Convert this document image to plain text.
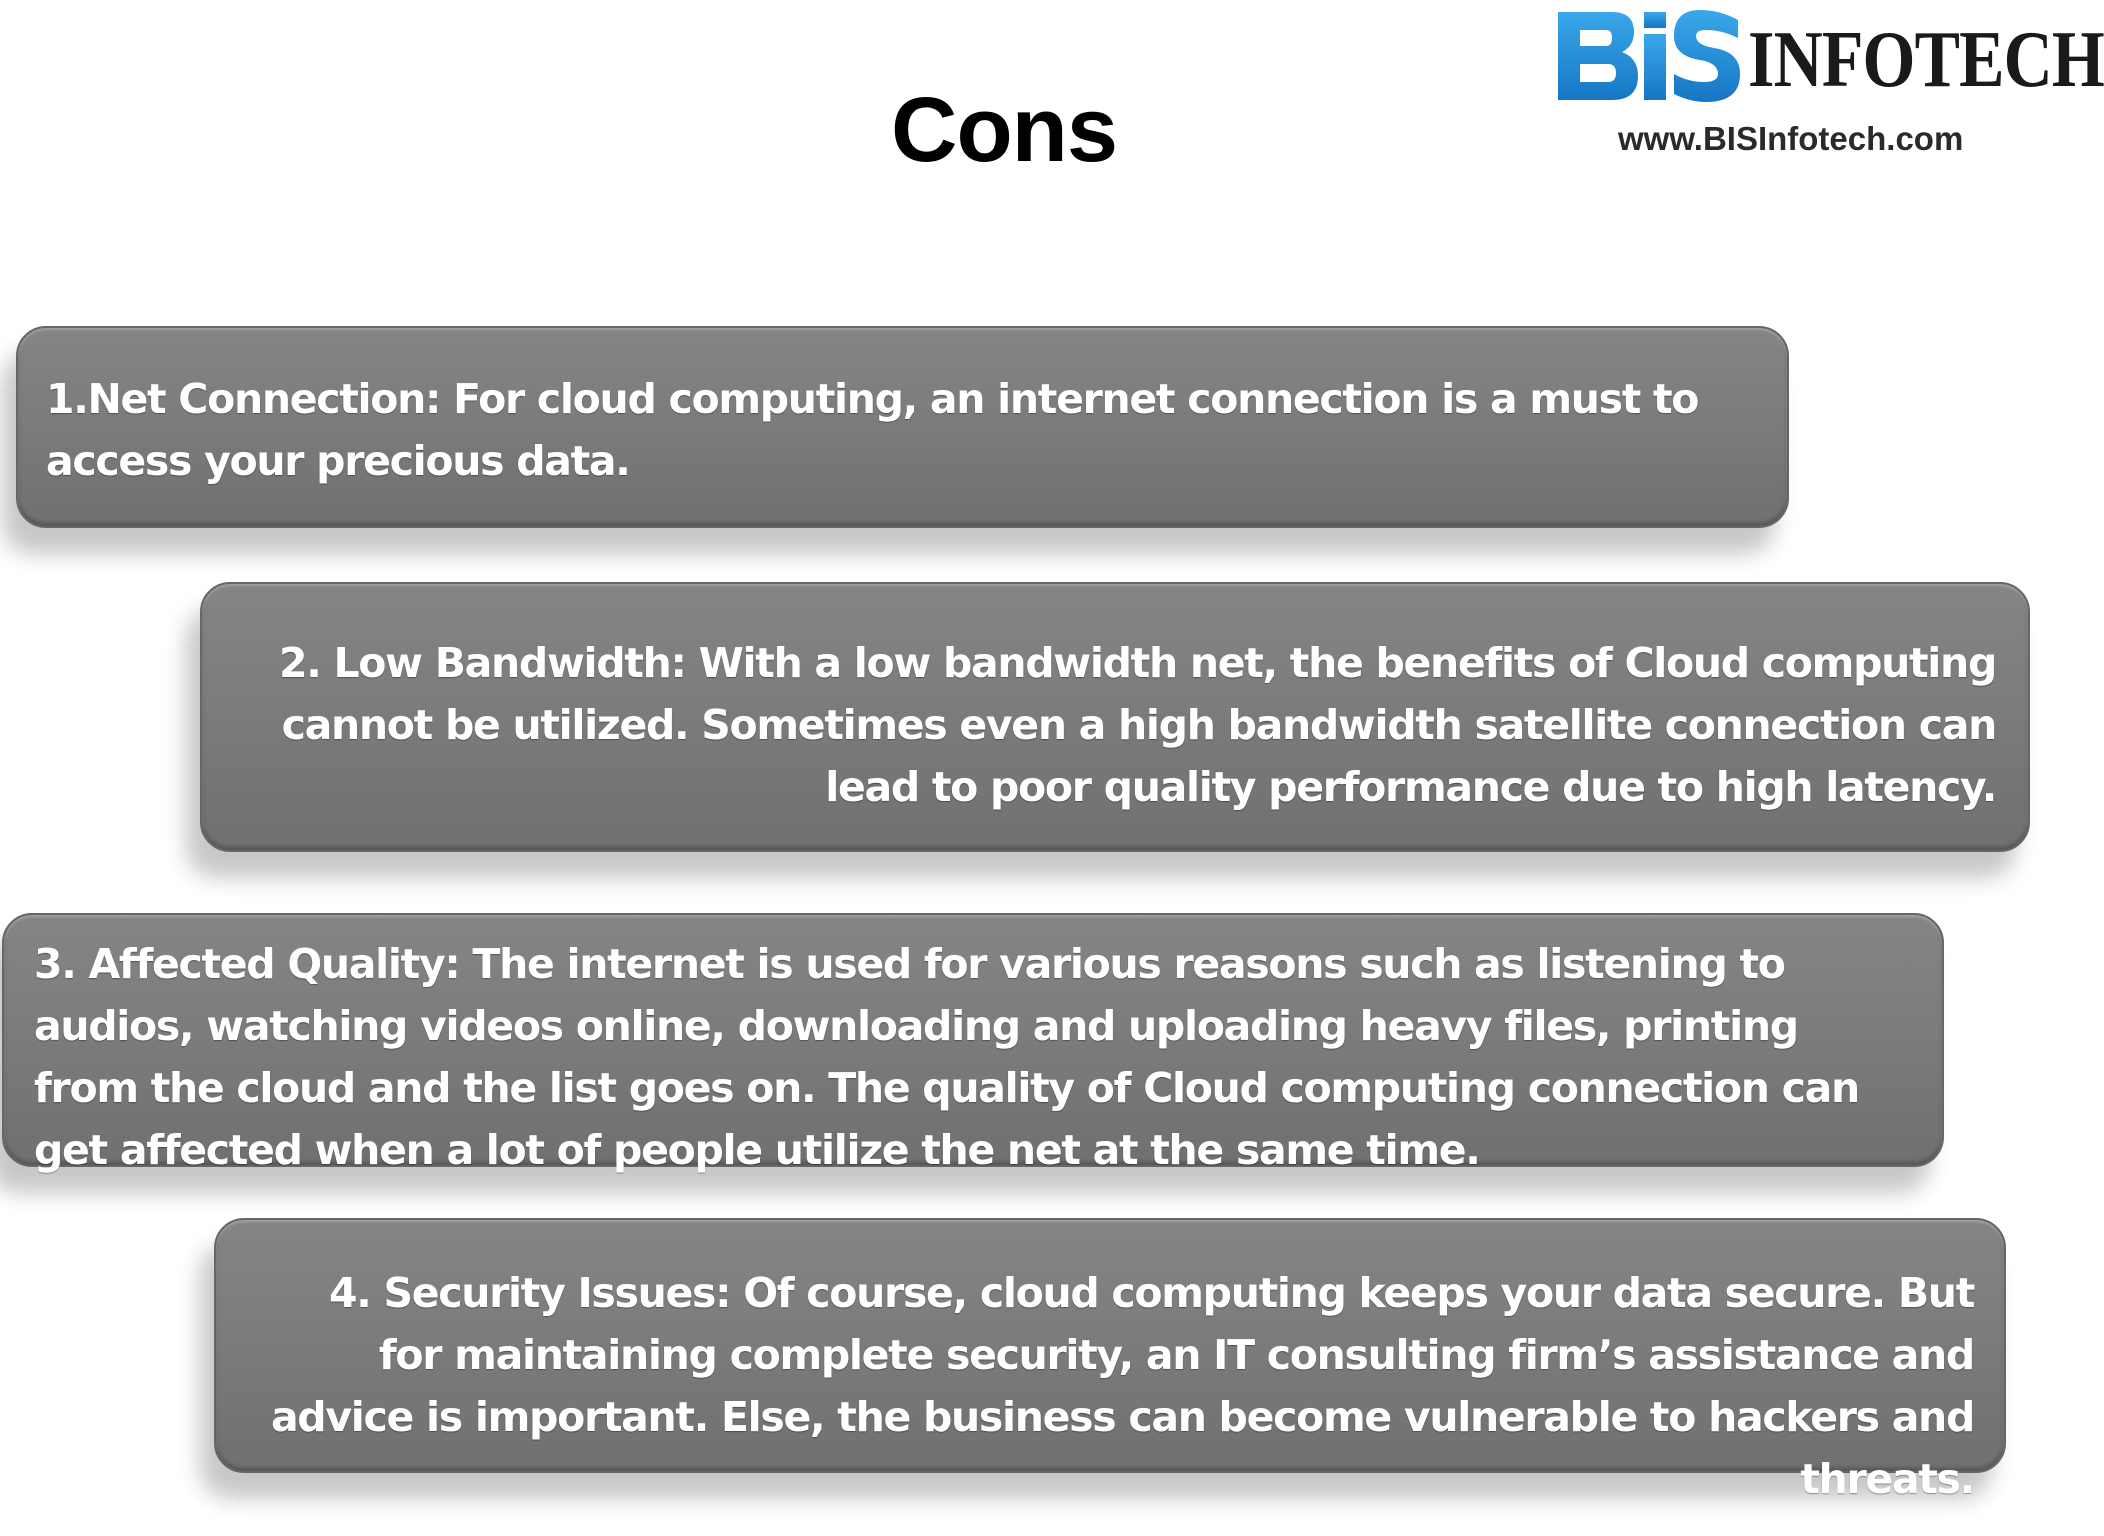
Cons
INFOTECH
www.BISInfotech.com

1.Net Connection: For cloud computing, an internet connection is a must to access your precious data.

2. Low Bandwidth: With a low bandwidth net, the benefits of Cloud computing cannot be utilized. Sometimes even a high bandwidth satellite connection can lead to poor quality performance due to high latency.

3. Affected Quality: The internet is used for various reasons such as listening to audios, watching videos online, downloading and uploading heavy files, printing from the cloud and the list goes on. The quality of Cloud computing connection can get affected when a lot of people utilize the net at the same time.

4. Security Issues: Of course, cloud computing keeps your data secure. But for maintaining complete security, an IT consulting firm’s assistance and advice is important. Else, the business can become vulnerable to hackers and threats.
